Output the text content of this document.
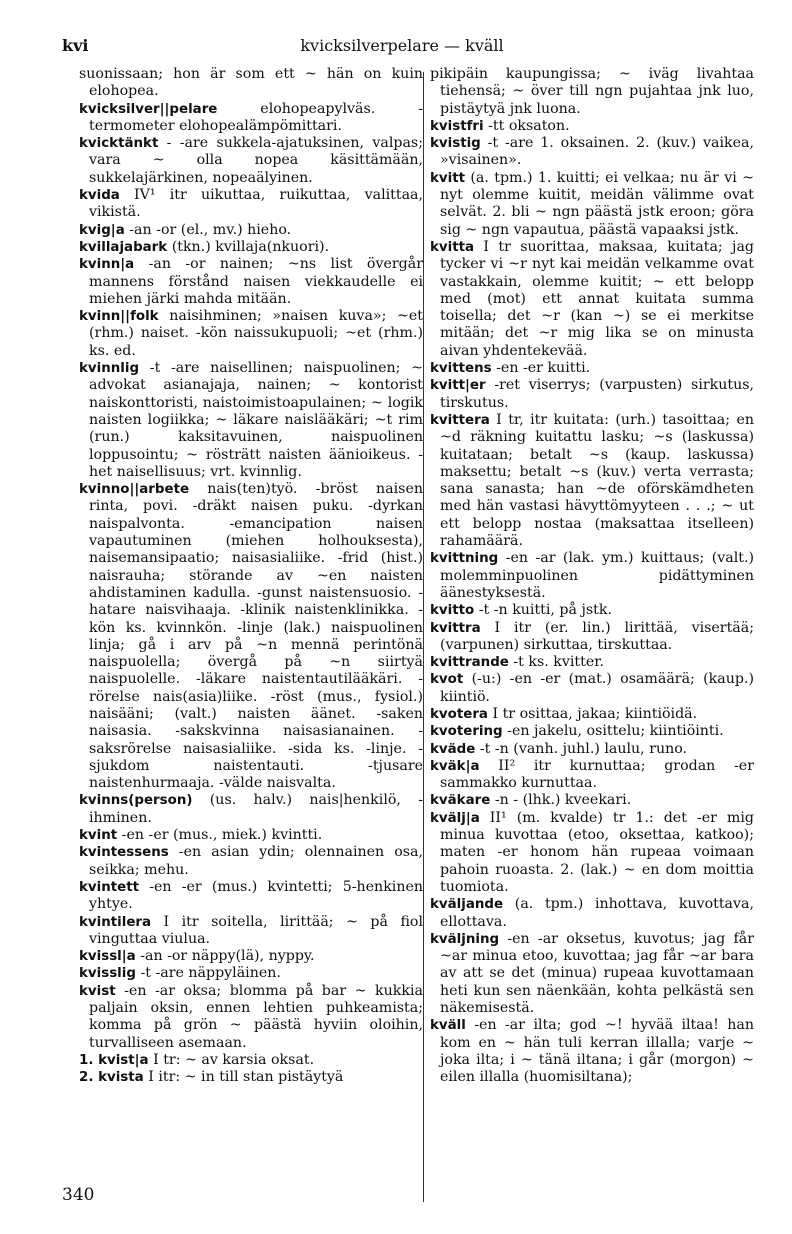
kvicksilverpelare — kväll
kvi

suonissaan; hon är som ett ~ hän on kuin elohopea.

kvicksilver||pelare elohopeapylväs. -termometer elohopealämpömittari.

kvicktänkt - -are sukkela-ajatuksinen, valpas; vara ~ olla nopea käsittämään, sukkelajärkinen, nopeaälyinen.

kvida IV¹ itr uikuttaa, ruikuttaa, valittaa, vikistä.

kvig|a -an -or (el., mv.) hieho.

kvillajabark (tkn.) kvillaja(nkuori).

kvinn|a -an -or nainen; ~ns list övergår mannens förstånd naisen viekkaudelle ei miehen järki mahda mitään.

kvinn||folk naisihminen; »naisen kuva»; ~et (rhm.) naiset. -kön naissukupuoli; ~et (rhm.) ks. ed.

kvinnlig -t -are naisellinen; naispuolinen; ~ advokat asianajaja, nainen; ~ kontorist naiskonttoristi, naistoimistoapulainen; ~ logik naisten logiikka; ~ läkare naislääkäri; ~t rim (run.) kaksitavuinen, naispuolinen loppusointu; ~ rösträtt naisten äänioikeus. -het naisellisuus; vrt. kvinnlig.

kvinno||arbete nais(ten)työ. -bröst naisen rinta, povi. -dräkt naisen puku. -dyrkan naispalvonta. -emancipation naisen vapautuminen (miehen holhouksesta), naisemansipaatio; naisasialiike. -frid (hist.) naisrauha; störande av ~en naisten ahdistaminen kadulla. -gunst naistensuosio. -hatare naisvihaaja. -klinik naistenklinikka. -kön ks. kvinnkön. -linje (lak.) naispuolinen linja; gå i arv på ~n mennä perintönä naispuolella; övergå på ~n siirtyä naispuolelle. -läkare naistentautilääkäri. -rörelse nais(asia)liike. -röst (mus., fysiol.) naisääni; (valt.) naisten äänet. -saken naisasia. -sakskvinna naisasianainen. -saksrörelse naisasialiike. -sida ks. -linje. -sjukdom naistentauti. -tjusare naistenhurmaaja. -välde naisvalta.

kvinns(person) (us. halv.) nais|henkilö, -ihminen.

kvint -en -er (mus., miek.) kvintti.

kvintessens -en asian ydin; olennainen osa, seikka; mehu.

kvintett -en -er (mus.) kvintetti; 5-henkinen yhtye.

kvintilera I itr soitella, lirittää; ~ på fiol vinguttaa viulua.

kvissl|a -an -or näppy(lä), nyppy.

kvisslig -t -are näppyläinen.

kvist -en -ar oksa; blomma på bar ~ kukkia paljain oksin, ennen lehtien puhkeamista; komma på grön ~ päästä hyviin oloihin, turvalliseen asemaan.

1. kvist|a I tr: ~ av karsia oksat.

2. kvista I itr: ~ in till stan pistäytyä

pikipäin kaupungissa; ~ iväg livahtaa tiehensä; ~ över till ngn pujahtaa jnk luo, pistäytyä jnk luona.

kvistfri -tt oksaton.

kvistig -t -are 1. oksainen. 2. (kuv.) vaikea, »visainen».

kvitt (a. tpm.) 1. kuitti; ei velkaa; nu är vi ~ nyt olemme kuitit, meidän välimme ovat selvät. 2. bli ~ ngn päästä jstk eroon; göra sig ~ ngn vapautua, päästä vapaaksi jstk.

kvitta I tr suorittaa, maksaa, kuitata; jag tycker vi ~r nyt kai meidän velkamme ovat vastakkain, olemme kuitit; ~ ett belopp med (mot) ett annat kuitata summa toisella; det ~r (kan ~) se ei merkitse mitään; det ~r mig lika se on minusta aivan yhdentekevää.

kvittens -en -er kuitti.

kvitt|er -ret viserrys; (varpusten) sirkutus, tirskutus.

kvittera I tr, itr kuitata: (urh.) tasoittaa; en ~d räkning kuitattu lasku; ~s (laskussa) kuitataan; betalt ~s (kaup. laskussa) maksettu; betalt ~s (kuv.) verta verrasta; sana sanasta; han ~de oförskämdheten med hän vastasi hävyttömyyteen . . .; ~ ut ett belopp nostaa (maksattaa itselleen) rahamäärä.

kvittning -en -ar (lak. ym.) kuittaus; (valt.) molemminpuolinen pidättyminen äänestyksestä.

kvitto -t -n kuitti, på jstk.

kvittra I itr (er. lin.) lirittää, visertää; (varpunen) sirkuttaa, tirskuttaa.

kvittrande -t ks. kvitter.

kvot (-u:) -en -er (mat.) osamäärä; (kaup.) kiintiö.

kvotera I tr osittaa, jakaa; kiintiöidä.

kvotering -en jakelu, osittelu; kiintiöinti.

kväde -t -n (vanh. juhl.) laulu, runo.

kväk|a II² itr kurnuttaa; grodan -er sammakko kurnuttaa.

kväkare -n - (lhk.) kveekari.

kvälj|a II¹ (m. kvalde) tr 1.: det -er mig minua kuvottaa (etoo, oksettaa, katkoo); maten -er honom hän rupeaa voimaan pahoin ruoasta. 2. (lak.) ~ en dom moittia tuomiota.

kväljande (a. tpm.) inhottava, kuvottava, ellottava.

kväljning -en -ar oksetus, kuvotus; jag får ~ar minua etoo, kuvottaa; jag får ~ar bara av att se det (minua) rupeaa kuvottamaan heti kun sen näenkään, kohta pelkästä sen näkemisestä.

kväll -en -ar ilta; god ~! hyvää iltaa! han kom en ~ hän tuli kerran illalla; varje ~ joka ilta; i ~ tänä iltana; i går (morgon) ~ eilen illalla (huomisiltana);

340
